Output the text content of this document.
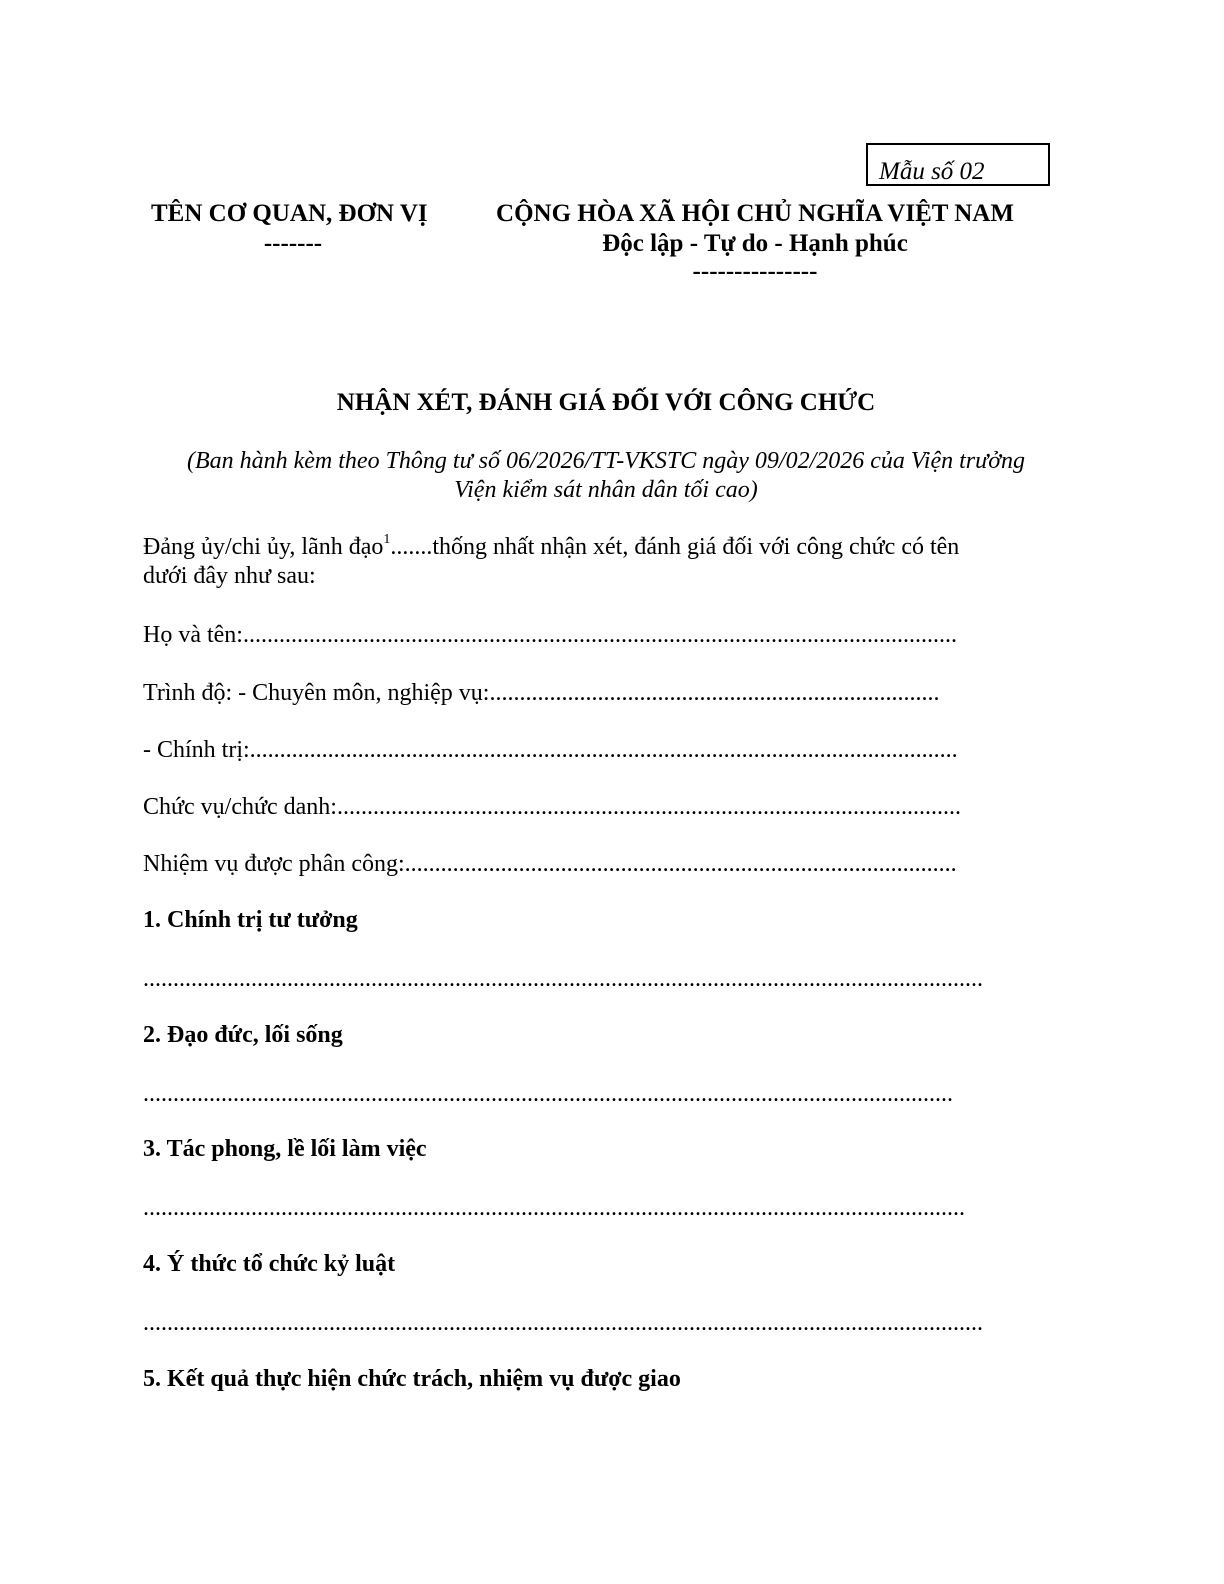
Mẫu số 02
TÊN CƠ QUAN, ĐƠN VỊ
-------
CỘNG HÒA XÃ HỘI CHỦ NGHĨA VIỆT NAM
Độc lập - Tự do - Hạnh phúc
---------------
NHẬN XÉT, ĐÁNH GIÁ ĐỐI VỚI CÔNG CHỨC
(Ban hành kèm theo Thông tư số 06/2026/TT-VKSTC ngày 09/02/2026 của Viện trưởng
Viện kiểm sát nhân dân tối cao)
Đảng ủy/chi ủy, lãnh đạo$^1$.......thống nhất nhận xét, đánh giá đối với công chức có tên
dưới đây như sau:
Họ và tên:.......................................................................................................................
Trình độ: - Chuyên môn, nghiệp vụ:...........................................................................
- Chính trị:......................................................................................................................
Chức vụ/chức danh:........................................................................................................
Nhiệm vụ được phân công:............................................................................................
1. Chính trị tư tưởng
............................................................................................................................................
2. Đạo đức, lối sống
.......................................................................................................................................
3. Tác phong, lề lối làm việc
.........................................................................................................................................
4. Ý thức tổ chức kỷ luật
............................................................................................................................................
5. Kết quả thực hiện chức trách, nhiệm vụ được giao
